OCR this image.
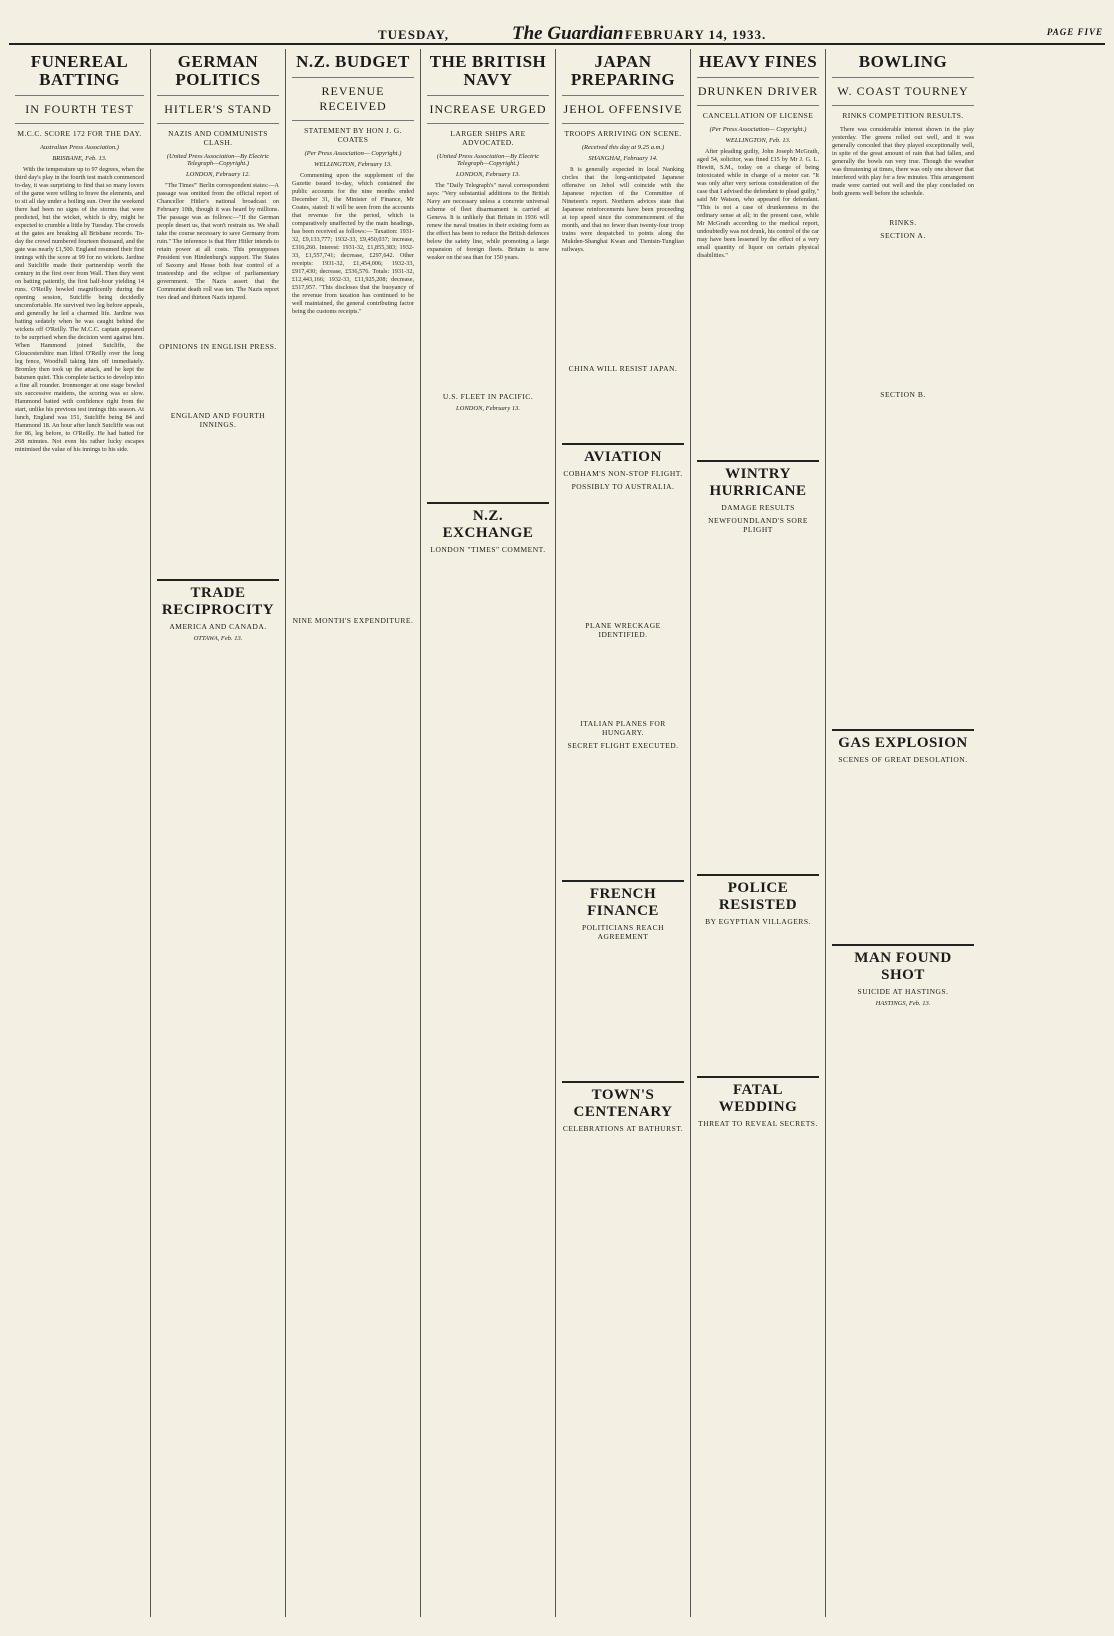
TUESDAY,	The Guardian FEBRUARY 14, 1933.	PAGE FIVE
FUNEREAL BATTING
IN FOURTH TEST
M.C.C. SCORE 172 FOR THE DAY.
Australian Press Association.)
BRISBANE, Feb. 13.

With the temperature up to 97 degrees, when the third day's play in the fourth test match commenced to-day, it was surprising to find that so many lovers of the game were willing to brave the elements, and to sit all day under a boiling sun. Over the weekend there had been no signs of the storms that were predicted, but the wicket, which is dry, might be expected to crumble a little by Tuesday. The crowds at the gates are breaking all Brisbane records. To-day the crowd numbered fourteen thousand, and the gate was nearly £1,500. England resumed their first innings with the score at 99 for no wickets. Jardine and Sutcliffe made their partnership worth the century in the first over from Wall. Then they went on batting patiently, the first half-hour yielding 14 runs. O'Reilly bowled magnificently during the opening session, Sutcliffe being decidedly uncomfortable. He survived two leg before appeals, and generally he led a charmed life. Jardine was batting sedately when he was caught behind the wickets off O'Reilly. The M.C.C. captain appeared to be surprised when the decision went against him. When Hammond joined Sutcliffe, the Gloucestershire man lifted O'Reilly over the long leg fence, Woodfull taking him off immediately. Bromley then took up the attack, and he kept the batsmen quiet. This complete tactics to develop into a fine all rounder. Ironmonger at one stage bowled six successive maidens, the scoring was so slow. Hammond batted with confidence right from the start, unlike his previous test innings this season. At lunch, England was 151, Sutcliffe being 84 and Hammond 18. An hour after lunch Sutcliffe was out for 86, leg before, to O'Reilly. He had batted for 268 minutes. Not even his rather lucky escapes minimised the value of his innings to his side.

GERMAN POLITICS
HITLER'S STAND
NAZIS AND COMMUNISTS CLASH.
(United Press Association—By Electric Telegraph—Copyright.)
LONDON, February 12.

"The Times'" Berlin correspondent states:—A passage was omitted from the official report of Chancellor Hitler's national broadcast on February 10th, though it was heard by millions. The passage was as follows:—"If the German people desert us, that won't restrain us. We shall take the course necessary to save Germany from ruin." The inference is that Herr Hitler intends to retain power at all costs. This presupposes President von Hindenburg's support. The States of Saxony and Hesse both fear control of a trusteeship and the eclipse of parliamentary government. The Nazis assert that the Communist death roll was ten. The Nazis report two dead and thirteen Nazis injured.

OPINIONS IN ENGLISH PRESS.
ENGLAND AND FOURTH INNINGS.
TRADE RECIPROCITY
AMERICA AND CANADA.
OTTAWA, Feb. 13.
N.Z. BUDGET
REVENUE RECEIVED
STATEMENT BY HON J. G. COATES
(Per Press Association— Copyright.)
WELLINGTON, February 13.

Commenting upon the supplement of the Gazette issued to-day, which contained the public accounts for the nine months ended December 31, the Minister of Finance, Mr Coates, stated: It will be seen from the accounts that revenue for the period, which is comparatively unaffected by the main headings, has been received as follows:— Taxation: 1931-32, £9,133,777; 1932-33, £9,450,037; increase, £316,260. Interest: 1931-32, £1,855,383; 1932-33, £1,557,741; decrease, £297,642. Other receipts: 1931-32, £1,454,006; 1932-33, £917,430; decrease, £536,576. Totals: 1931-32, £12,443,166; 1932-33, £11,925,208; decrease, £517,957. "This discloses that the buoyancy of the revenue from taxation has continued to be well maintained, the general contributing factor being the customs receipts."

NINE MONTH'S EXPENDITURE.
THE BRITISH NAVY
INCREASE URGED
LARGER SHIPS ARE ADVOCATED.
(United Press Association—By Electric Telegraph—Copyright.)
LONDON, February 13.

The "Daily Telegraph's" naval correspondent says: "Very substantial additions to the British Navy are necessary unless a concrete universal scheme of fleet disarmament is carried at Geneva. It is unlikely that Britain in 1936 will renew the naval treaties in their existing form as the effect has been to reduce the British defences below the safety line, while promoting a large expansion of foreign fleets. Britain is now weaker on the sea than for 150 years.

U.S. FLEET IN PACIFIC.
LONDON, February 13.
N.Z. EXCHANGE
LONDON "TIMES" COMMENT.
JAPAN PREPARING
JEHOL OFFENSIVE
TROOPS ARRIVING ON SCENE.
(Received this day at 9.25 a.m.)
SHANGHAI, February 14.

It is generally expected in local Nanking circles that the long-anticipated Japanese offensive on Jehol will coincide with the Japanese rejection of the Committee of Nineteen's report. Northern advices state that Japanese reinforcements have been proceeding at top speed since the commencement of the month, and that no fewer than twenty-four troop trains were despatched to points along the Mukden-Shanghai Kwan and Tientsin-Tungliao railways.

CHINA WILL RESIST JAPAN.
AVIATION
COBHAM'S NON-STOP FLIGHT.
POSSIBLY TO AUSTRALIA.
PLANE WRECKAGE IDENTIFIED.
ITALIAN PLANES FOR HUNGARY.
SECRET FLIGHT EXECUTED.
FRENCH FINANCE
POLITICIANS REACH AGREEMENT
TOWN'S CENTENARY
CELEBRATIONS AT BATHURST.
HEAVY FINES
DRUNKEN DRIVER
CANCELLATION OF LICENSE
(Per Press Association— Copyright.)
WELLINGTON, Feb. 13.

After pleading guilty, John Joseph McGrath, aged 54, solicitor, was fined £15 by Mr J. G. L. Hewitt, S.M., today on a charge of being intoxicated while in charge of a motor car. "It was only after very serious consideration of the case that I advised the defendant to plead guilty," said Mr Watson, who appeared for defendant. "This is not a case of drunkenness in the ordinary sense at all; in the present case, while Mr McGrath according to the medical report, undoubtedly was not drunk, his control of the car may have been lessened by the effect of a very small quantity of liquor on certain physical disabilities."

WINTRY HURRICANE
DAMAGE RESULTS
NEWFOUNDLAND'S SORE PLIGHT
POLICE RESISTED
BY EGYPTIAN VILLAGERS.
FATAL WEDDING
THREAT TO REVEAL SECRETS.
BOWLING
W. COAST TOURNEY
RINKS COMPETITION RESULTS.

There was considerable interest shown in the play yesterday. The greens rolled out well, and it was generally conceded that they played exceptionally well, in spite of the great amount of rain that had fallen, and generally the bowls ran very true. Though the weather was threatening at times, there was only one shower that interfered with play for a few minutes. This arrangement made were carried out well and the play concluded on both greens well before the schedule.

RINKS.
SECTION A.
SECTION B.
GAS EXPLOSION
SCENES OF GREAT DESOLATION.
MAN FOUND SHOT
SUICIDE AT HASTINGS.
HASTINGS, Feb. 13.
